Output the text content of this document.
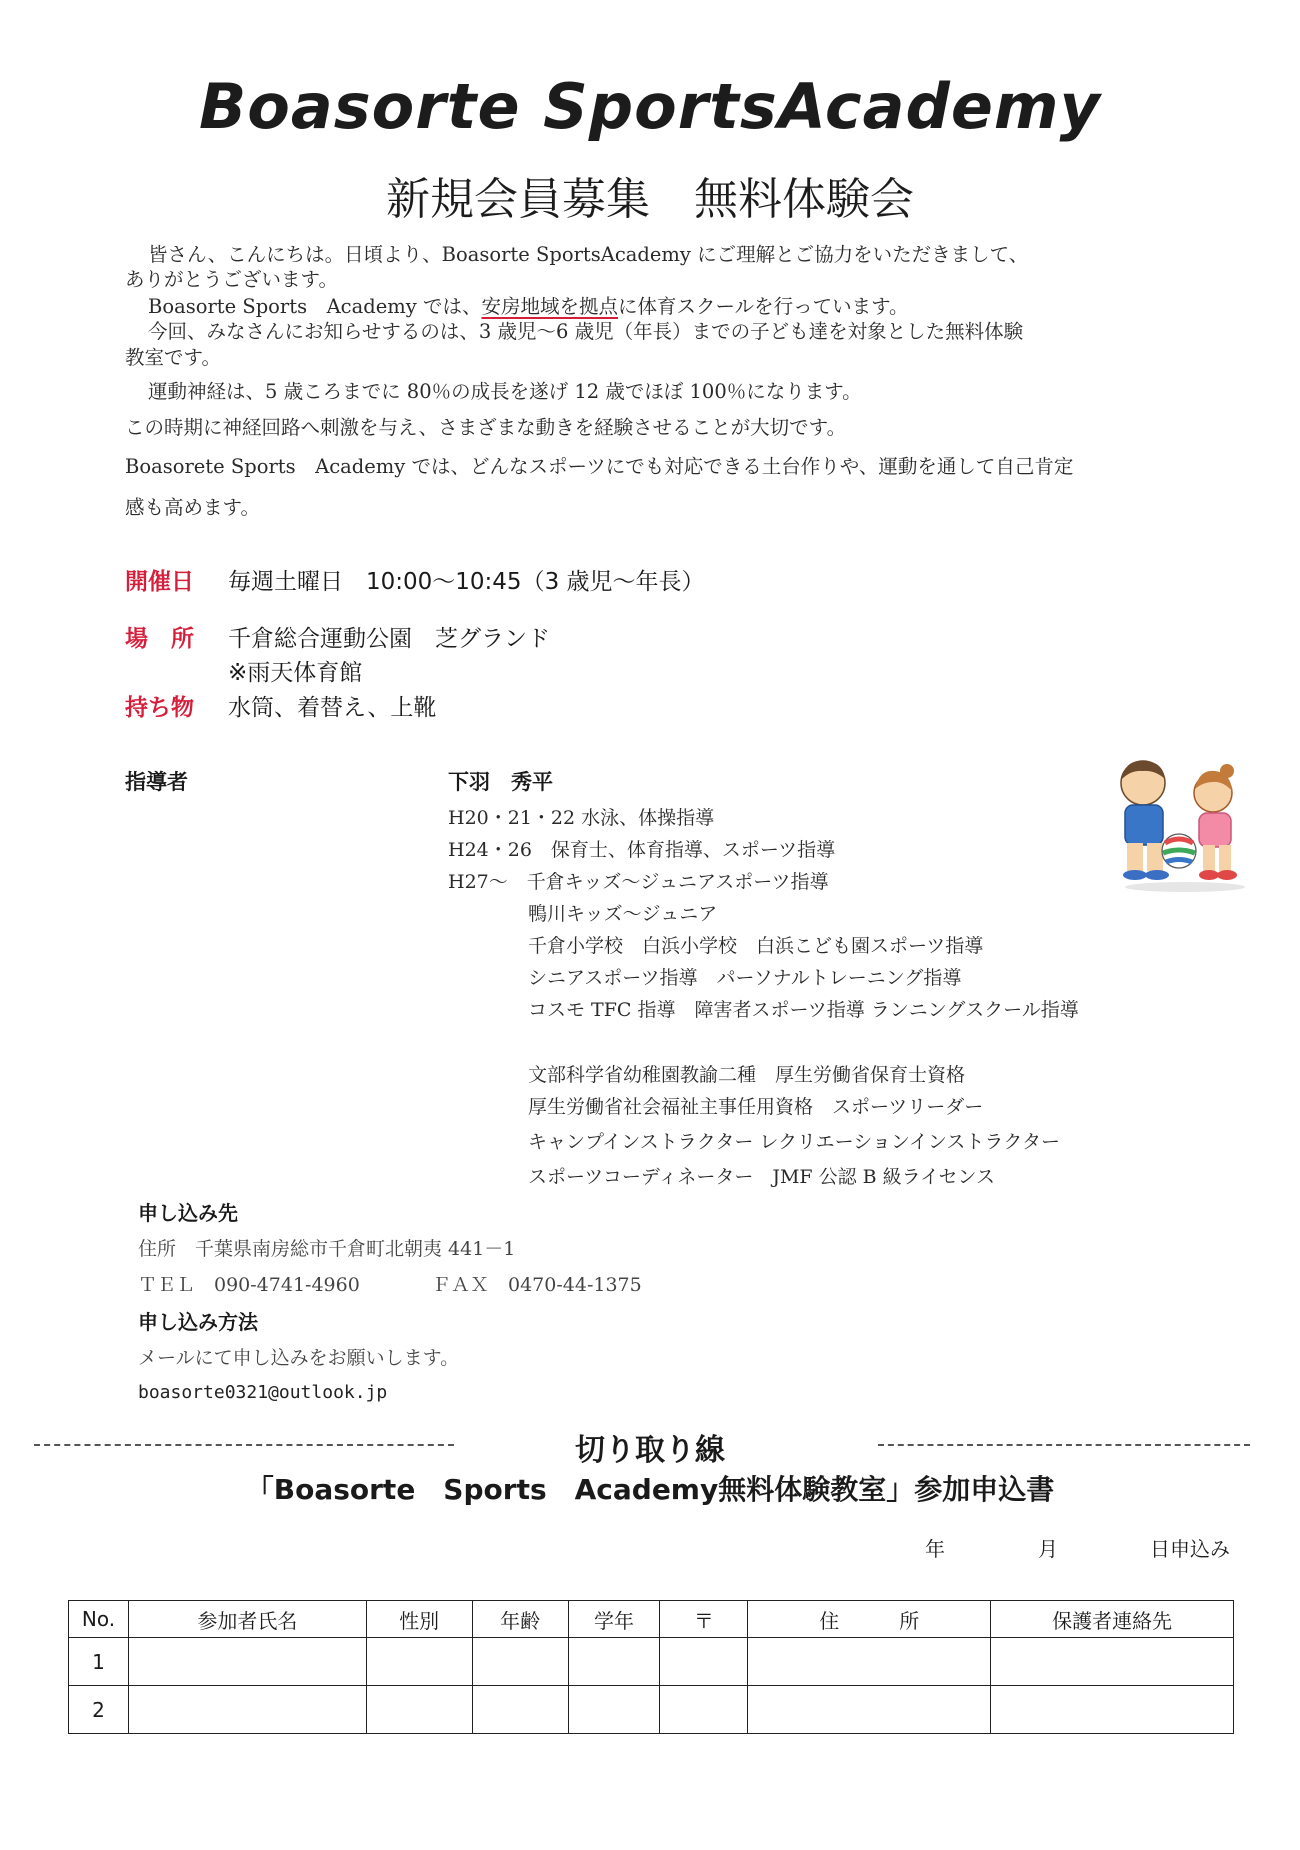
Boasorte SportsAcademy
新規会員募集　無料体験会
皆さん、こんにちは。日頃より、Boasorte SportsAcademy にご理解とご協力をいただきまして、
ありがとうございます。
Boasorte Sports　Academy では、安房地域を拠点に体育スクールを行っています。
今回、みなさんにお知らせするのは、3 歳児～6 歳児（年長）までの子ども達を対象とした無料体験
教室です。
運動神経は、5 歳ころまでに 80％の成長を遂げ 12 歳でほぼ 100％になります。
この時期に神経回路へ刺激を与え、さまざまな動きを経験させることが大切です。
Boasorete Sports　Academy では、どんなスポーツにでも対応できる土台作りや、運動を通して自己肯定
感も高めます。
開催日 毎週土曜日　10:00～10:45（3 歳児～年長）
場　所 千倉総合運動公園　芝グランド
※雨天体育館
持ち物 水筒、着替え、上靴
指導者	下羽　秀平
H20・21・22 水泳、体操指導
H24・26　保育士、体育指導、スポーツ指導
H27～　千倉キッズ～ジュニアスポーツ指導
鴨川キッズ～ジュニア
千倉小学校　白浜小学校　白浜こども園スポーツ指導
シニアスポーツ指導　パーソナルトレーニング指導
コスモ TFC 指導　障害者スポーツ指導 ランニングスクール指導
文部科学省幼稚園教諭二種　厚生労働省保育士資格
厚生労働省社会福祉主事任用資格　スポーツリーダー
キャンプインストラクター レクリエーションインストラクター
スポーツコーディネーター　JMF 公認 B 級ライセンス
申し込み先
住所　千葉県南房総市千倉町北朝夷 441－1
ＴＥＬ　090-4741-4960	ＦＡＸ　0470-44-1375
申し込み方法
メールにて申し込みをお願いします。
boasorte0321@outlook.jp
切り取り線
「Boasorte　Sports　Academy無料体験教室」参加申込書
年	月	日申込み
No.	参加者氏名	性別	年齢	学年	〒	住　　　所	保護者連絡先
1							
2							
